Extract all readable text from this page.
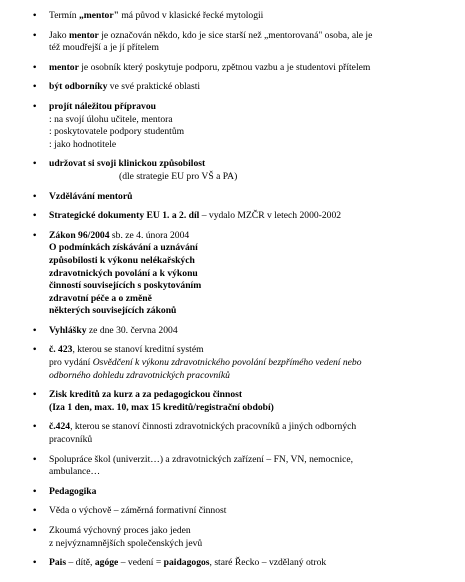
• Termín „mentor" má původ v klasické řecké mytologii
• Jako mentor je označován někdo, kdo je sice starší než „mentorovaná" osoba, ale je
též moudřejší a je jí přítelem
• mentor je osobník který poskytuje podporu, zpětnou vazbu a je studentovi přítelem
• být odborníky ve své praktické oblasti
• projít náležitou přípravou
: na svojí úlohu učitele, mentora
: poskytovatele podpory studentům
: jako hodnotitele
• udržovat si svoji klinickou způsobilost
(dle strategie EU pro VŠ a PA)
• Vzdělávání mentorů
• Strategické dokumenty EU 1. a 2. díl – vydalo MZČR v letech 2000-2002
• Zákon 96/2004 sb. ze 4. února 2004
O podmínkách získávání a uznávání
způsobilosti k výkonu nelékařských
zdravotnických povolání a k výkonu
činností souvisejících s poskytováním
zdravotní péče a o změně
některých souvisejících zákonů
• Vyhlášky ze dne 30. června 2004
• č. 423, kterou se stanoví kreditní systém
pro vydání Osvědčení k výkonu zdravotnického povolání bezpřímého vedení nebo
odborného dohledu zdravotnických pracovníků
• Zisk kreditů za kurz a za pedagogickou činnost
(Iza 1 den, max. 10, max 15 kreditů/registrační období)
• č.424, kterou se stanoví činnosti zdravotnických pracovníků a jiných odborných
pracovníků
• Spolupráce škol (univerzit…) a zdravotnických zařízení – FN, VN, nemocnice,
ambulance…
• Pedagogika
• Věda o výchově – záměrná formativní činnost
• Zkoumá výchovný proces jako jeden
z nejvýznamnějších společenských jevů
• Pais – dítě, agóge – vedení = paidagogos, staré Řecko – vzdělaný otrok
